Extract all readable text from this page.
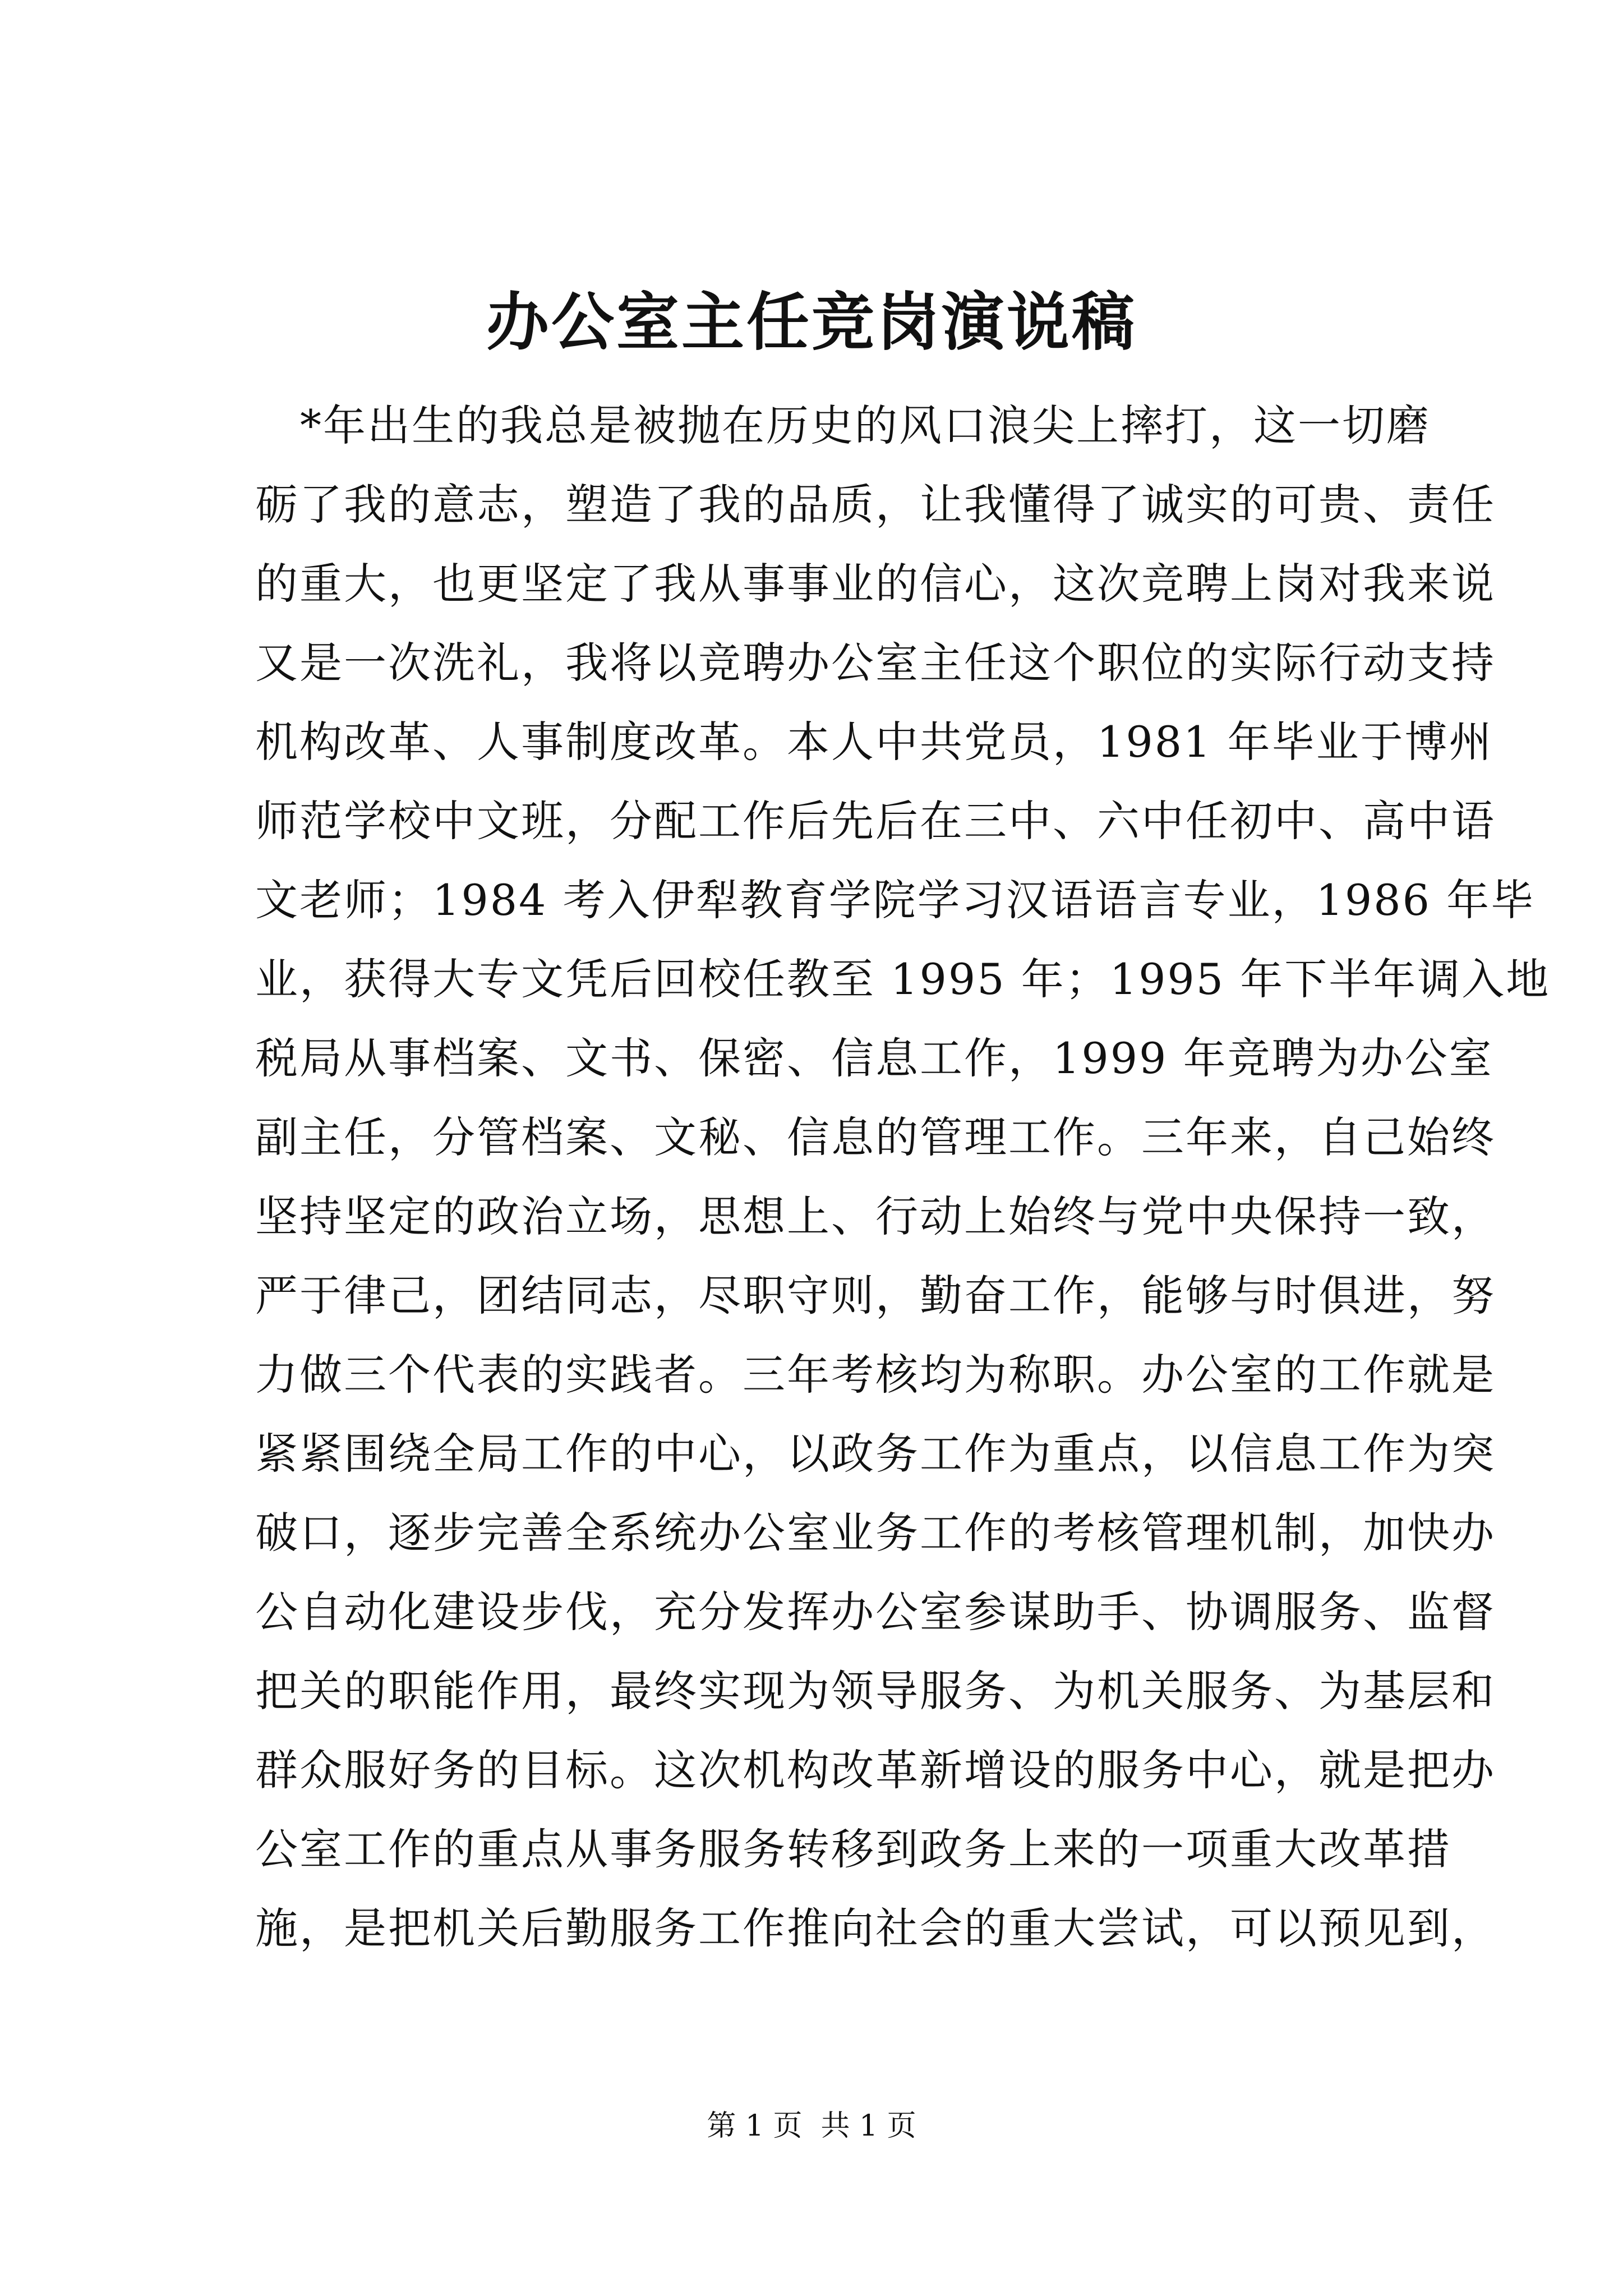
办公室主任竞岗演说稿
*年出生的我总是被抛在历史的风口浪尖上摔打，这一切磨
砺了我的意志，塑造了我的品质，让我懂得了诚实的可贵、责任
的重大，也更坚定了我从事事业的信心，这次竞聘上岗对我来说
又是一次洗礼，我将以竞聘办公室主任这个职位的实际行动支持
机构改革、人事制度改革。本人中共党员，1981 年毕业于博州
师范学校中文班，分配工作后先后在三中、六中任初中、高中语
文老师；1984 考入伊犁教育学院学习汉语语言专业，1986 年毕
业，获得大专文凭后回校任教至 1995 年；1995 年下半年调入地
税局从事档案、文书、保密、信息工作，1999 年竞聘为办公室
副主任，分管档案、文秘、信息的管理工作。三年来，自己始终
坚持坚定的政治立场，思想上、行动上始终与党中央保持一致，
严于律己，团结同志，尽职守则，勤奋工作，能够与时俱进，努
力做三个代表的实践者。三年考核均为称职。办公室的工作就是
紧紧围绕全局工作的中心，以政务工作为重点，以信息工作为突
破口，逐步完善全系统办公室业务工作的考核管理机制，加快办
公自动化建设步伐，充分发挥办公室参谋助手、协调服务、监督
把关的职能作用，最终实现为领导服务、为机关服务、为基层和
群众服好务的目标。这次机构改革新增设的服务中心，就是把办
公室工作的重点从事务服务转移到政务上来的一项重大改革措
施，是把机关后勤服务工作推向社会的重大尝试，可以预见到，
第 1 页  共 1 页
